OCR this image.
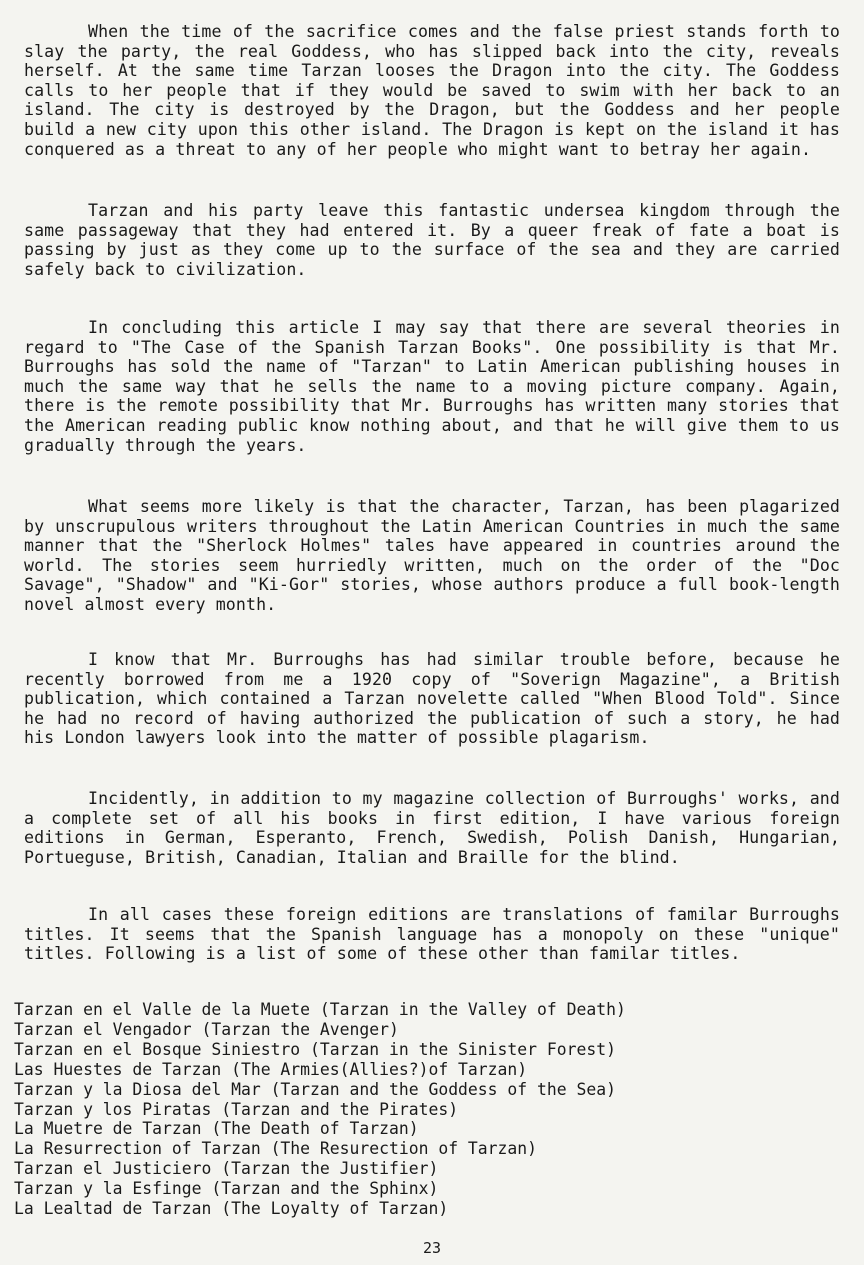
When the time of the sacrifice comes and the false priest stands forth to slay the party, the real Goddess, who has slipped back into the city, reveals herself. At the same time Tarzan looses the Dragon into the city. The Goddess calls to her people that if they would be saved to swim with her back to an island. The city is destroyed by the Dragon, but the Goddess and her people build a new city upon this other island. The Dragon is kept on the island it has conquered as a threat to any of her people who might want to betray her again.

Tarzan and his party leave this fantastic undersea kingdom through the same passageway that they had entered it. By a queer freak of fate a boat is passing by just as they come up to the surface of the sea and they are carried safely back to civilization.

In concluding this article I may say that there are several theories in regard to "The Case of the Spanish Tarzan Books". One possibility is that Mr. Burroughs has sold the name of "Tarzan" to Latin American publishing houses in much the same way that he sells the name to a moving picture company. Again, there is the remote possibility that Mr. Burroughs has written many stories that the American reading public know nothing about, and that he will give them to us gradually through the years.

What seems more likely is that the character, Tarzan, has been plagarized by unscrupulous writers throughout the Latin American Countries in much the same manner that the "Sherlock Holmes" tales have appeared in countries around the world. The stories seem hurriedly written, much on the order of the "Doc Savage", "Shadow" and "Ki-Gor" stories, whose authors produce a full book-length novel almost every month.

I know that Mr. Burroughs has had similar trouble before, because he recently borrowed from me a 1920 copy of "Soverign Magazine", a British publication, which contained a Tarzan novelette called "When Blood Told". Since he had no record of having authorized the publication of such a story, he had his London lawyers look into the matter of possible plagarism.

Incidently, in addition to my magazine collection of Burroughs' works, and a complete set of all his books in first edition, I have various foreign editions in German, Esperanto, French, Swedish, Polish Danish, Hungarian, Portueguse, British, Canadian, Italian and Braille for the blind.

In all cases these foreign editions are translations of familar Burroughs titles. It seems that the Spanish language has a monopoly on these "unique" titles. Following is a list of some of these other than familar titles.

Tarzan en el Valle de la Muete (Tarzan in the Valley of Death)
Tarzan el Vengador (Tarzan the Avenger)
Tarzan en el Bosque Siniestro (Tarzan in the Sinister Forest)
Las Huestes de Tarzan (The Armies(Allies?)of Tarzan)
Tarzan y la Diosa del Mar (Tarzan and the Goddess of the Sea)
Tarzan y los Piratas (Tarzan and the Pirates)
La Muetre de Tarzan (The Death of Tarzan)
La Resurrection of Tarzan (The Resurection of Tarzan)
Tarzan el Justiciero (Tarzan the Justifier)
Tarzan y la Esfinge (Tarzan and the Sphinx)
La Lealtad de Tarzan (The Loyalty of Tarzan)
23
